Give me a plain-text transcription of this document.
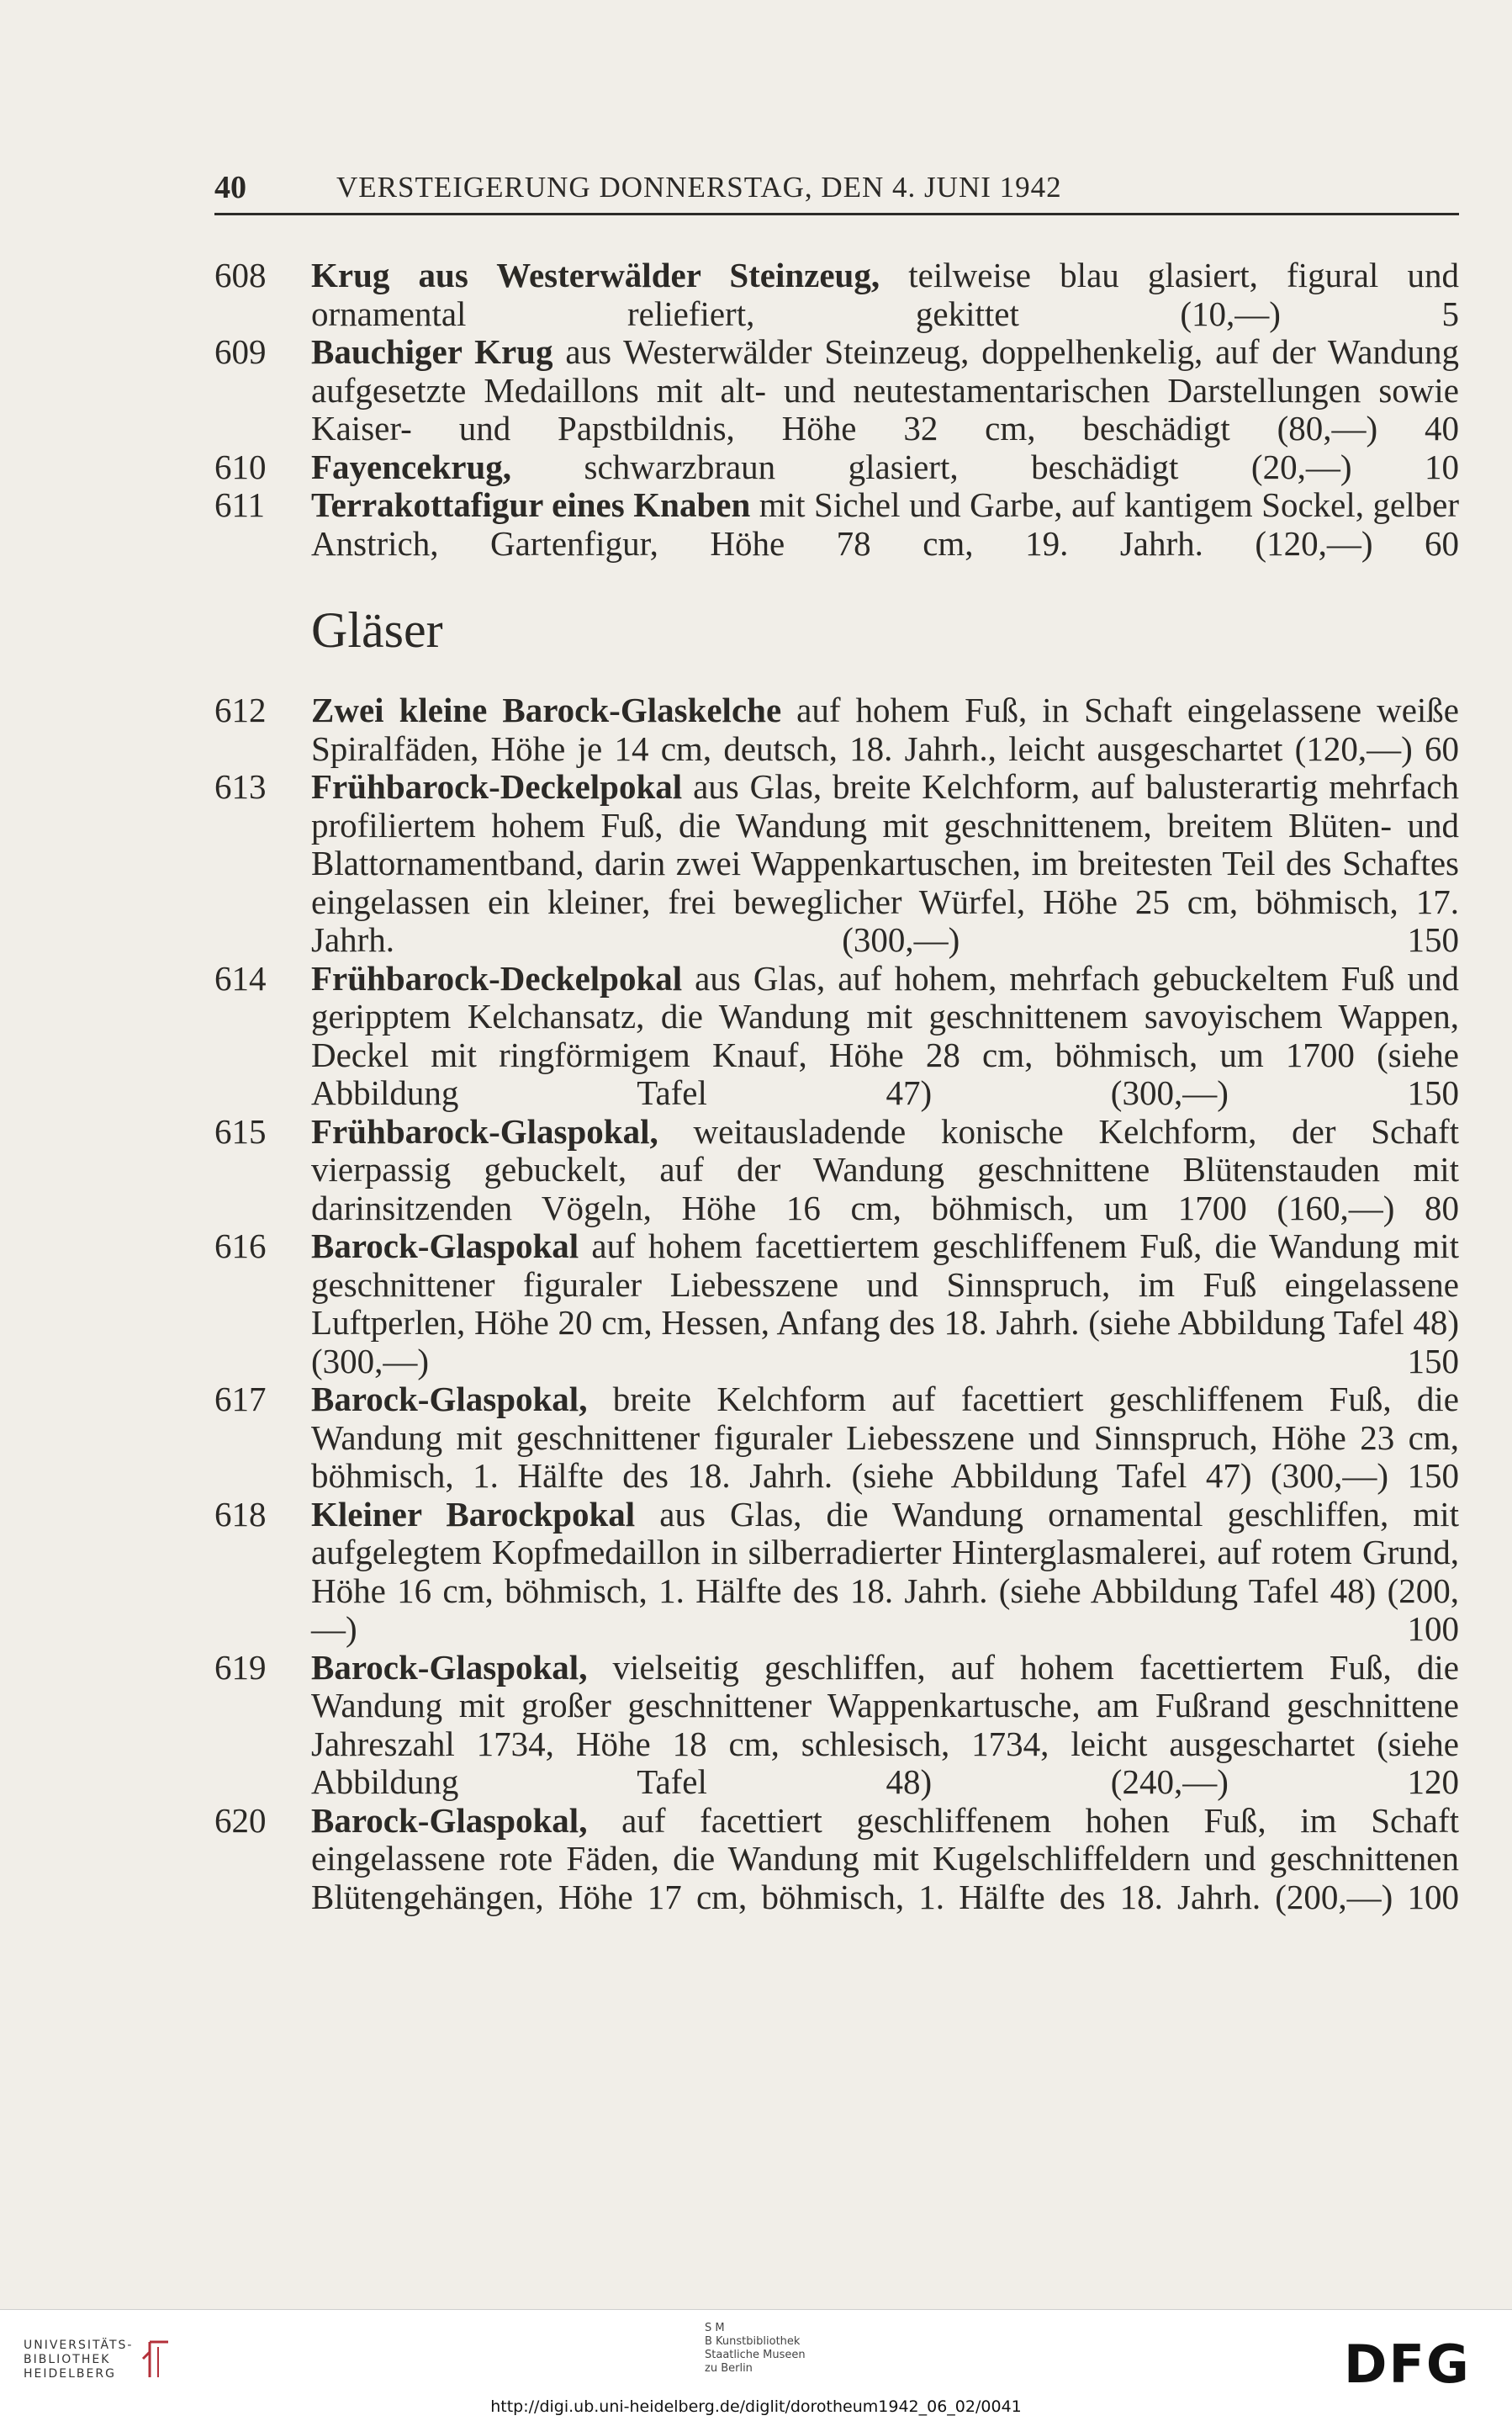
40	VERSTEIGERUNG DONNERSTAG, DEN 4. JUNI 1942
608 Krug aus Westerwälder Steinzeug, teilweise blau glasiert, figural und ornamental reliefiert, gekittet (10,—)	5
609 Bauchiger Krug aus Westerwälder Steinzeug, doppelhenkelig, auf der Wandung aufgesetzte Medaillons mit alt- und neutestamentarischen Darstellungen sowie Kaiser- und Papstbildnis, Höhe 32 cm, beschädigt (80,—) 40
610 Fayencekrug, schwarzbraun glasiert, beschädigt (20,—) 10
611 Terrakottafigur eines Knaben mit Sichel und Garbe, auf kantigem Sockel, gelber Anstrich, Gartenfigur, Höhe 78 cm, 19. Jahrh. (120,—) 60
Gläser
612 Zwei kleine Barock-Glaskelche auf hohem Fuß, in Schaft eingelassene weiße Spiralfäden, Höhe je 14 cm, deutsch, 18. Jahrh., leicht ausgeschartet (120,—) 60
613 Frühbarock-Deckelpokal aus Glas, breite Kelchform, auf balusterartig mehrfach profiliertem hohem Fuß, die Wandung mit geschnittenem, breitem Blüten- und Blattornamentband, darin zwei Wappenkartuschen, im breitesten Teil des Schaftes eingelassen ein kleiner, frei beweglicher Würfel, Höhe 25 cm, böhmisch, 17. Jahrh. (300,—)	150
614 Frühbarock-Deckelpokal aus Glas, auf hohem, mehrfach gebuckeltem Fuß und geripptem Kelchansatz, die Wandung mit geschnittenem savoyischem Wappen, Deckel mit ringförmigem Knauf, Höhe 28 cm, böhmisch, um 1700 (siehe Abbildung Tafel 47) (300,—)	150
615 Frühbarock-Glaspokal, weitausladende konische Kelchform, der Schaft vierpassig gebuckelt, auf der Wandung geschnittene Blütenstauden mit darinsitzenden Vögeln, Höhe 16 cm, böhmisch, um 1700 (160,—) 80
616 Barock-Glaspokal auf hohem facettiertem geschliffenem Fuß, die Wandung mit geschnittener figuraler Liebesszene und Sinnspruch, im Fuß eingelassene Luftperlen, Höhe 20 cm, Hessen, Anfang des 18. Jahrh. (siehe Abbildung Tafel 48) (300,—)	150
617 Barock-Glaspokal, breite Kelchform auf facettiert geschliffenem Fuß, die Wandung mit geschnittener figuraler Liebesszene und Sinnspruch, Höhe 23 cm, böhmisch, 1. Hälfte des 18. Jahrh. (siehe Abbildung Tafel 47) (300,—) 150
618 Kleiner Barockpokal aus Glas, die Wandung ornamental geschliffen, mit aufgelegtem Kopfmedaillon in silberradierter Hinterglasmalerei, auf rotem Grund, Höhe 16 cm, böhmisch, 1. Hälfte des 18. Jahrh. (siehe Abbildung Tafel 48) (200,—)	100
619 Barock-Glaspokal, vielseitig geschliffen, auf hohem facettiertem Fuß, die Wandung mit großer geschnittener Wappenkartusche, am Fußrand geschnittene Jahreszahl 1734, Höhe 18 cm, schlesisch, 1734, leicht ausgeschartet (siehe Abbildung Tafel 48) (240,—)	120
620 Barock-Glaspokal, auf facettiert geschliffenem hohen Fuß, im Schaft eingelassene rote Fäden, die Wandung mit Kugelschliffeldern und geschnittenen Blütengehängen, Höhe 17 cm, böhmisch, 1. Hälfte des 18. Jahrh. (200,—) 100
UNIVERSITÄTS-
BIBLIOTHEK
HEIDELBERG
S M
B Kunstbibliothek
Staatliche Museen
zu Berlin	DFG
http://digi.ub.uni-heidelberg.de/diglit/dorotheum1942_06_02/0041
